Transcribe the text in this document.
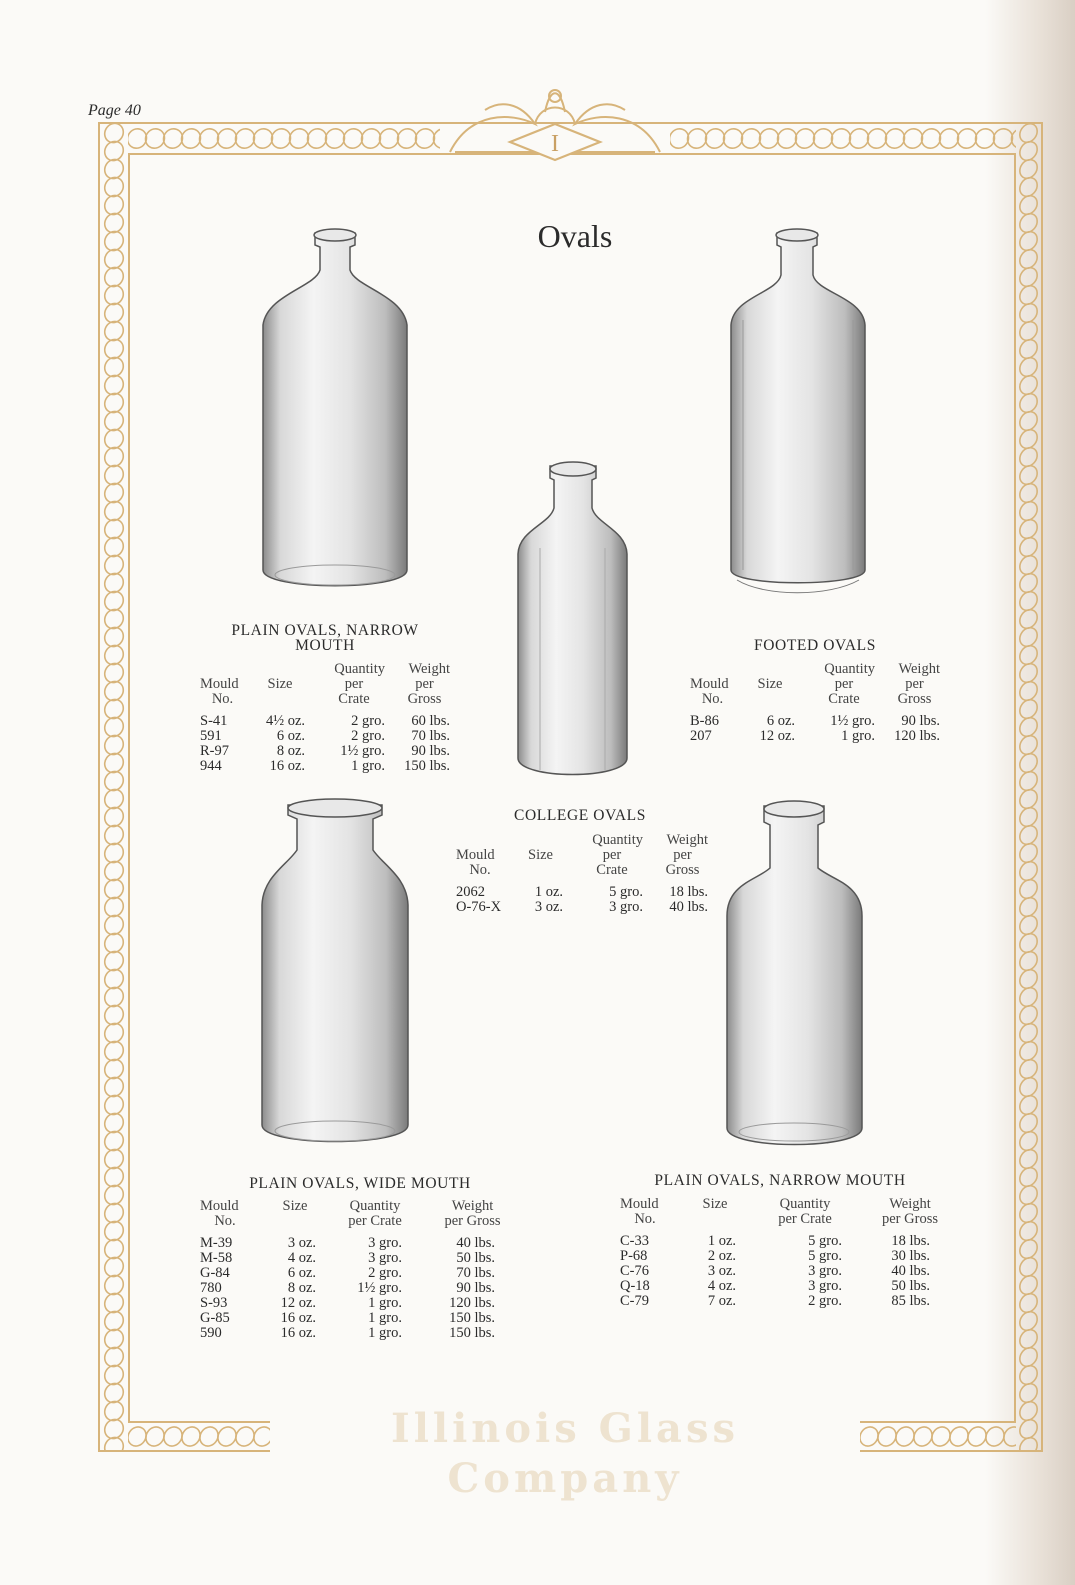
Page 40
I
Ovals
PLAIN OVALS, NARROW
MOUTH
		Quantity	Weight
Mould	Size	per	per
No.		Crate	Gross
S-41	4½ oz.	2 gro.	60 lbs.
591	6 oz.	2 gro.	70 lbs.
R-97	8 oz.	1½ gro.	90 lbs.
944	16 oz.	1 gro.	150 lbs.
FOOTED OVALS
		Quantity	Weight
Mould	Size	per	per
No.		Crate	Gross
B-86	6 oz.	1½ gro.	90 lbs.
207	12 oz.	1 gro.	120 lbs.
COLLEGE OVALS
		Quantity	Weight
Mould	Size	per	per
No.		Crate	Gross
2062	1 oz.	5 gro.	18 lbs.
O-76-X	3 oz.	3 gro.	40 lbs.
PLAIN OVALS, WIDE MOUTH
Mould	Size	Quantity	Weight
No.		per Crate	per Gross
M-39	3 oz.	3 gro.	40 lbs.
M-58	4 oz.	3 gro.	50 lbs.
G-84	6 oz.	2 gro.	70 lbs.
780	8 oz.	1½ gro.	90 lbs.
S-93	12 oz.	1 gro.	120 lbs.
G-85	16 oz.	1 gro.	150 lbs.
590	16 oz.	1 gro.	150 lbs.
PLAIN OVALS, NARROW MOUTH
Mould	Size	Quantity	Weight
No.		per Crate	per Gross
C-33	1 oz.	5 gro.	18 lbs.
P-68	2 oz.	5 gro.	30 lbs.
C-76	3 oz.	3 gro.	40 lbs.
Q-18	4 oz.	3 gro.	50 lbs.
C-79	7 oz.	2 gro.	85 lbs.
Illinois Glass Company
